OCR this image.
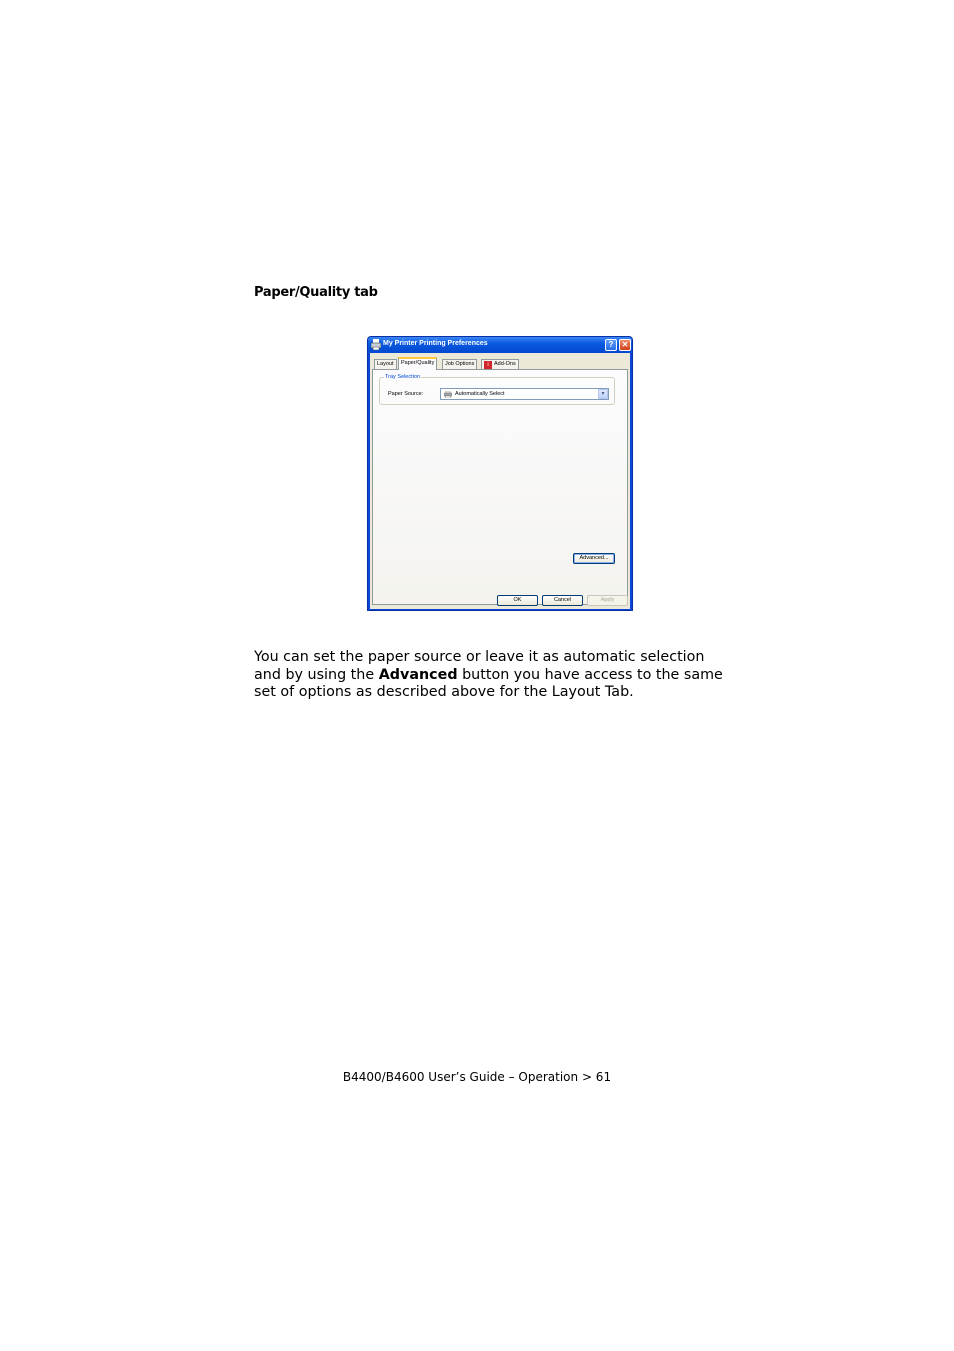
Paper/Quality tab
My Printer Printing Preferences	?	✕
Layout	Paper/Quality	Job Options	i Add-Ons
Tray Selection
Paper Source:	Automatically Select	▾
Advanced...
OK	Cancel	Apply
You can set the paper source or leave it as automatic selection and by using the Advanced button you have access to the same set of options as described above for the Layout Tab.
B4400/B4600 User’s Guide – Operation > 61
